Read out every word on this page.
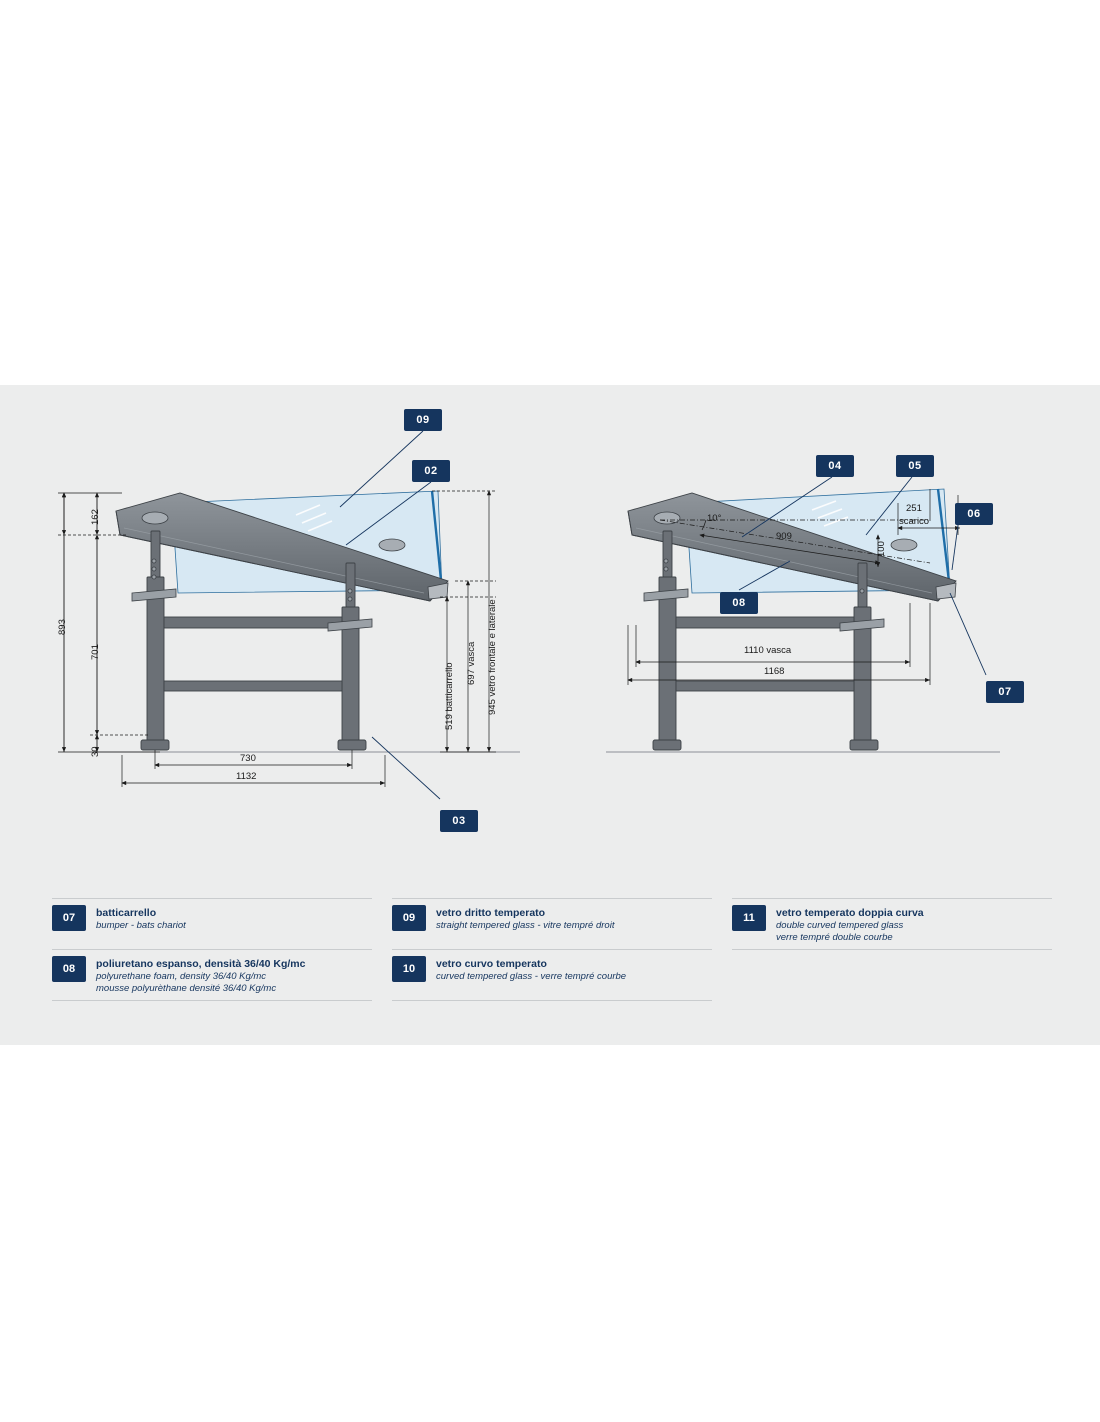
09
02
03
04	05
06
08
07
162
701
893
30
730
1132
519 batticarrello 697 vasca 945 vetro frontale e laterale
10°
909
100
251
scarico
1110 vasca
1168
07	batticarrello
bumper - bats chariot
08	poliuretano espanso, densità 36/40 Kg/mc
polyurethane foam, density 36/40 Kg/mc
mousse polyurèthane densité 36/40 Kg/mc
09	vetro dritto temperato
straight tempered glass - vitre tempré droit
10	vetro curvo temperato
curved tempered glass - verre tempré courbe
11	vetro temperato doppia curva
double curved tempered glass
verre tempré double courbe
